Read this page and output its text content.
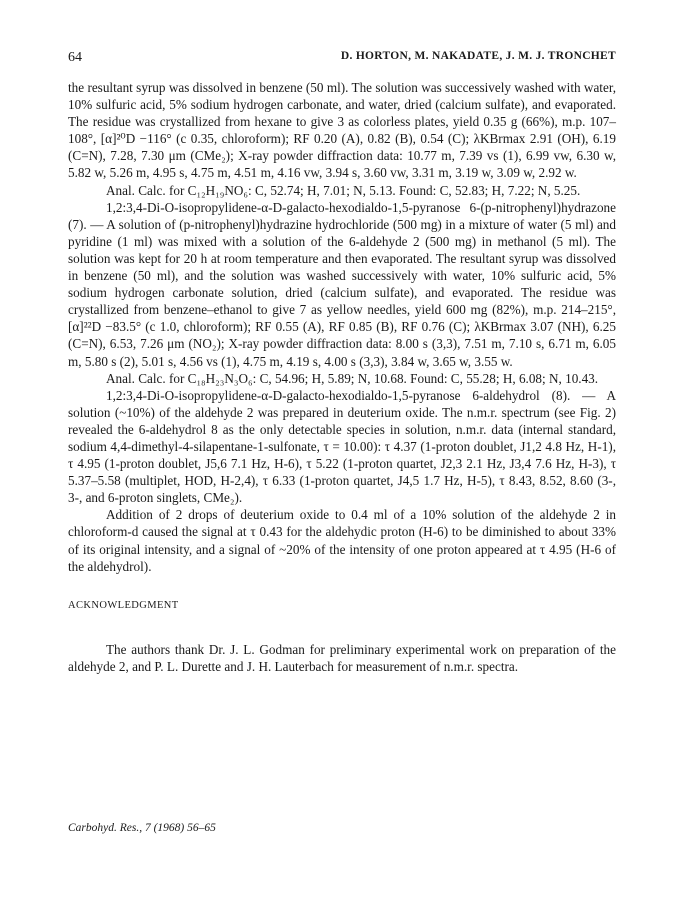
64	D. HORTON, M. NAKADATE, J. M. J. TRONCHET

the resultant syrup was dissolved in benzene (50 ml). The solution was successively washed with water, 10% sulfuric acid, 5% sodium hydrogen carbonate, and water, dried (calcium sulfate), and evaporated. The residue was crystallized from hexane to give 3 as colorless plates, yield 0.35 g (66%), m.p. 107–108°, [α]²⁰D −116° (c 0.35, chloroform); RF 0.20 (A), 0.82 (B), 0.54 (C); λKBrmax 2.91 (OH), 6.19 (C=N), 7.28, 7.30 μm (CMe₂); X-ray powder diffraction data: 10.77 m, 7.39 vs (1), 6.99 vw, 6.30 w, 5.82 w, 5.26 m, 4.95 s, 4.75 m, 4.51 m, 4.16 vw, 3.94 s, 3.60 vw, 3.31 m, 3.19 w, 3.09 w, 2.92 w.

Anal. Calc. for C₁₂H₁₉NO₆: C, 52.74; H, 7.01; N, 5.13. Found: C, 52.83; H, 7.22; N, 5.25.

1,2:3,4-Di-O-isopropylidene-α-D-galacto-hexodialdo-1,5-pyranose 6-(p-nitrophenyl)hydrazone (7). — A solution of (p-nitrophenyl)hydrazine hydrochloride (500 mg) in a mixture of water (5 ml) and pyridine (1 ml) was mixed with a solution of the 6-aldehyde 2 (500 mg) in methanol (5 ml). The solution was kept for 20 h at room temperature and then evaporated. The resultant syrup was dissolved in benzene (50 ml), and the solution was washed successively with water, 10% sulfuric acid, 5% sodium hydrogen carbonate solution, dried (calcium sulfate), and evaporated. The residue was crystallized from benzene–ethanol to give 7 as yellow needles, yield 600 mg (82%), m.p. 214–215°, [α]²²D −83.5° (c 1.0, chloroform); RF 0.55 (A), RF 0.85 (B), RF 0.76 (C); λKBrmax 3.07 (NH), 6.25 (C=N), 6.53, 7.26 μm (NO₂); X-ray powder diffraction data: 8.00 s (3,3), 7.51 m, 7.10 s, 6.71 m, 6.05 m, 5.80 s (2), 5.01 s, 4.56 vs (1), 4.75 m, 4.19 s, 4.00 s (3,3), 3.84 w, 3.65 w, 3.55 w.

Anal. Calc. for C₁₈H₂₃N₃O₆: C, 54.96; H, 5.89; N, 10.68. Found: C, 55.28; H, 6.08; N, 10.43.

1,2:3,4-Di-O-isopropylidene-α-D-galacto-hexodialdo-1,5-pyranose 6-aldehydrol (8). — A solution (~10%) of the aldehyde 2 was prepared in deuterium oxide. The n.m.r. spectrum (see Fig. 2) revealed the 6-aldehydrol 8 as the only detectable species in solution, n.m.r. data (internal standard, sodium 4,4-dimethyl-4-silapentane-1-sulfonate, τ = 10.00): τ 4.37 (1-proton doublet, J1,2 4.8 Hz, H-1), τ 4.95 (1-proton doublet, J5,6 7.1 Hz, H-6), τ 5.22 (1-proton quartet, J2,3 2.1 Hz, J3,4 7.6 Hz, H-3), τ 5.37–5.58 (multiplet, HOD, H-2,4), τ 6.33 (1-proton quartet, J4,5 1.7 Hz, H-5), τ 8.43, 8.52, 8.60 (3-, 3-, and 6-proton singlets, CMe₂).

Addition of 2 drops of deuterium oxide to 0.4 ml of a 10% solution of the aldehyde 2 in chloroform-d caused the signal at τ 0.43 for the aldehydic proton (H-6) to be diminished to about 33% of its original intensity, and a signal of ~20% of the intensity of one proton appeared at τ 4.95 (H-6 of the aldehydrol).

ACKNOWLEDGMENT

The authors thank Dr. J. L. Godman for preliminary experimental work on preparation of the aldehyde 2, and P. L. Durette and J. H. Lauterbach for measurement of n.m.r. spectra.

Carbohyd. Res., 7 (1968) 56–65
